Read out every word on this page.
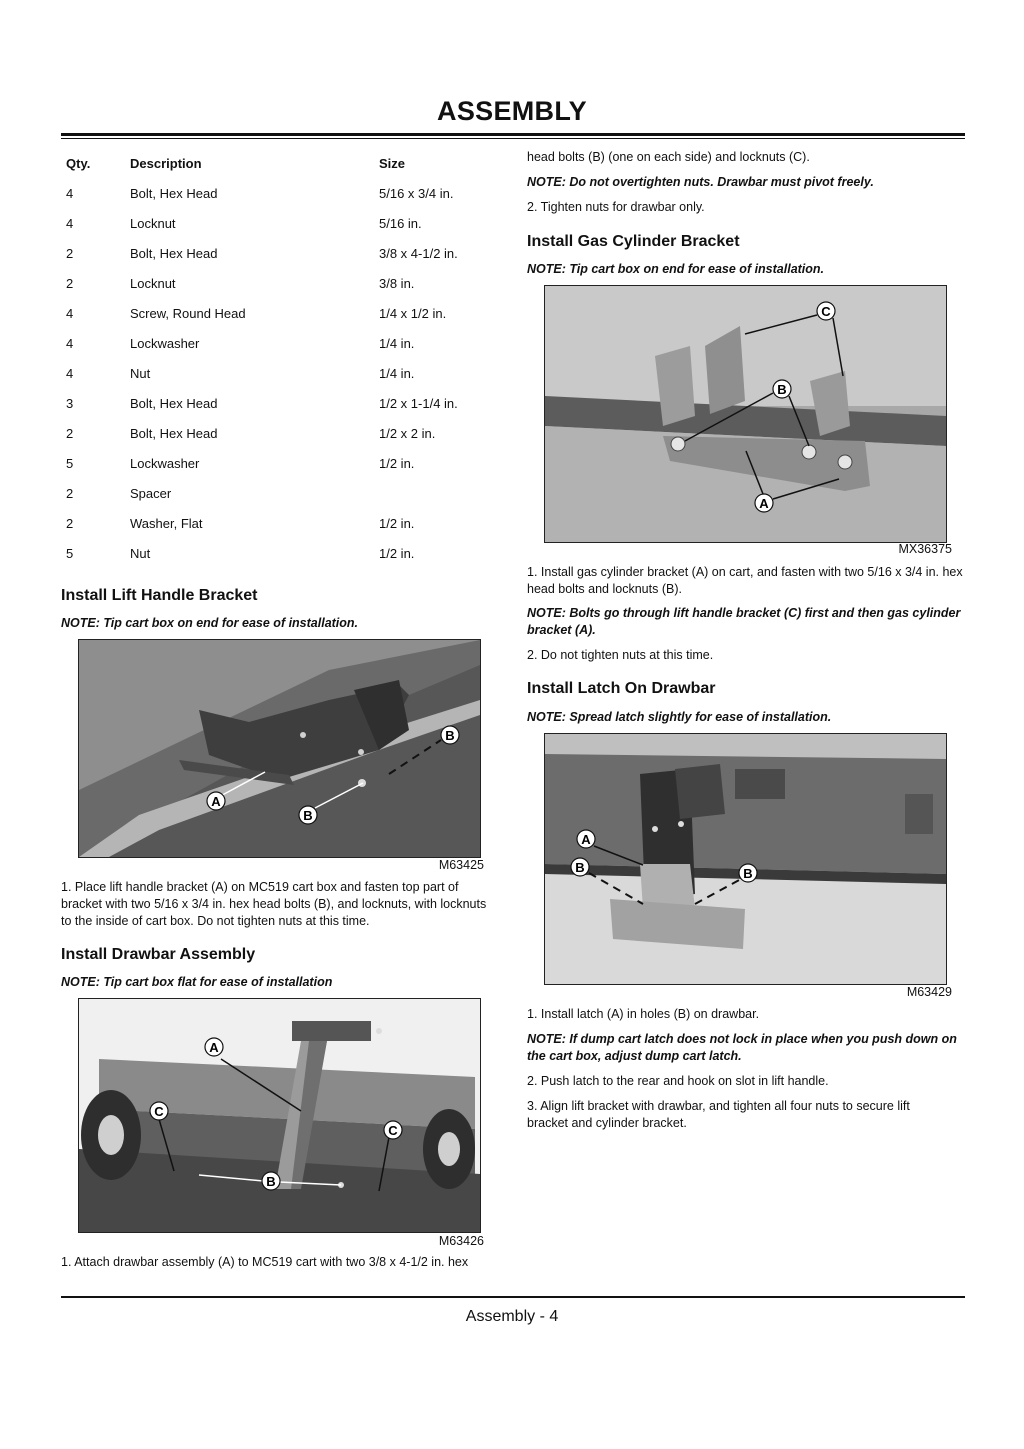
ASSEMBLY
Qty.	Description	Size
4	Bolt, Hex Head	5/16 x 3/4 in.
4	Locknut	5/16 in.
2	Bolt, Hex Head	3/8 x 4-1/2 in.
2	Locknut	3/8 in.
4	Screw, Round Head	1/4 x 1/2 in.
4	Lockwasher	1/4 in.
4	Nut	1/4 in.
3	Bolt, Hex Head	1/2 x 1-1/4 in.
2	Bolt, Hex Head	1/2 x 2 in.
5	Lockwasher	1/2 in.
2	Spacer
2	Washer, Flat	1/2 in.
5	Nut	1/2 in.
Install Lift Handle Bracket
NOTE: Tip cart box on end for ease of installation.
B
A
B
M63425
1. Place lift handle bracket (A) on MC519 cart box and fasten top part of bracket with two 5/16 x 3/4 in. hex head bolts (B), and locknuts, with locknuts to the inside of cart box. Do not tighten nuts at this time.
Install Drawbar Assembly
NOTE: Tip cart box flat for ease of installation
A
C
C
B
M63426
1. Attach drawbar assembly (A) to MC519 cart with two 3/8 x 4-1/2 in. hex
head bolts (B) (one on each side) and locknuts (C).
NOTE: Do not overtighten nuts. Drawbar must pivot freely.
2. Tighten nuts for drawbar only.
Install Gas Cylinder Bracket
NOTE: Tip cart box on end for ease of installation.
C
B
A
MX36375
1. Install gas cylinder bracket (A) on cart, and fasten with two 5/16 x 3/4 in. hex head bolts and locknuts (B).
NOTE: Bolts go through lift handle bracket (C) first and then gas cylinder bracket (A).
2. Do not tighten nuts at this time.
Install Latch On Drawbar
NOTE: Spread latch slightly for ease of installation.
A
B	B
M63429
1. Install latch (A) in holes (B) on drawbar.
NOTE: If dump cart latch does not lock in place when you push down on the cart box, adjust dump cart latch.
2. Push latch to the rear and hook on slot in lift handle.
3. Align lift bracket with drawbar, and tighten all four nuts to secure lift bracket and cylinder bracket.
Assembly - 4
